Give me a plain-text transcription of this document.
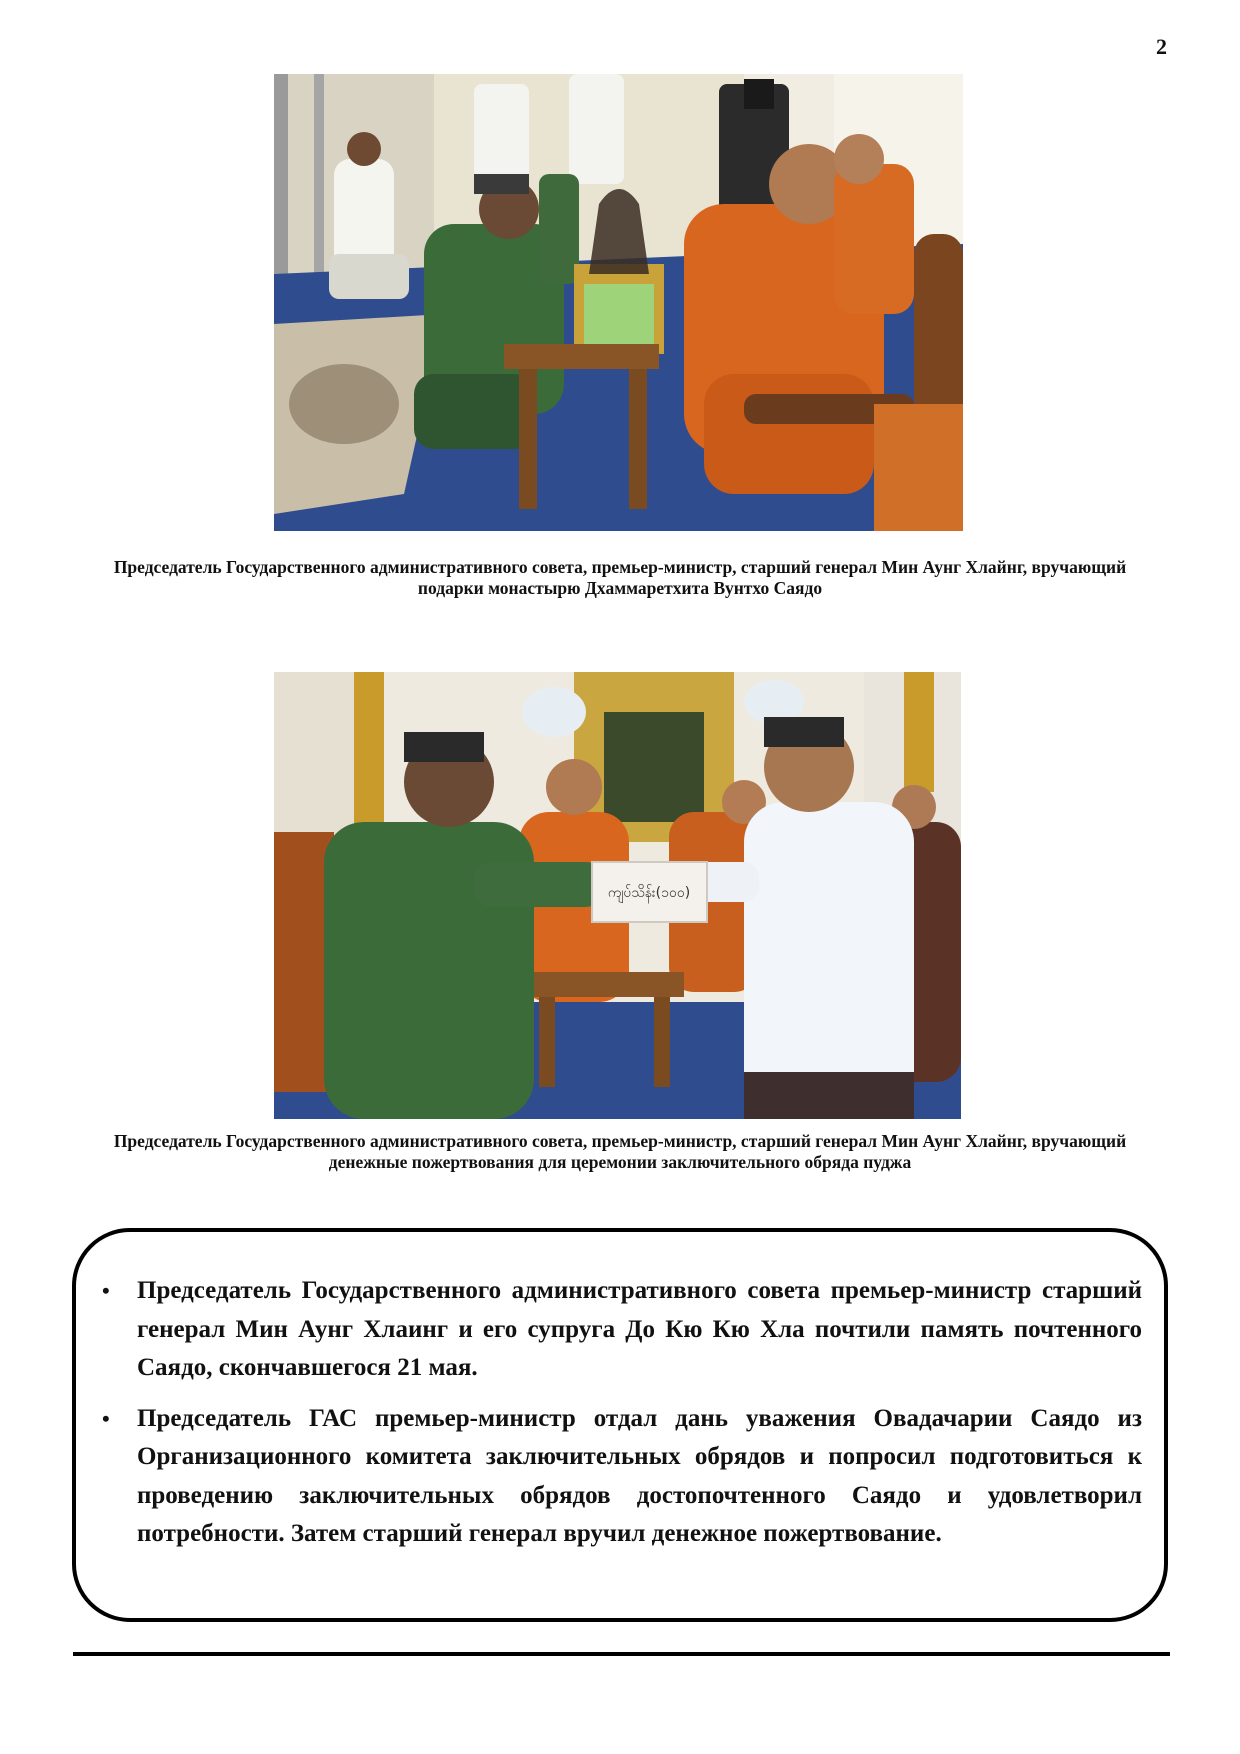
2
Председатель Государственного административного совета, премьер-министр, старший генерал Мин Аунг Хлайнг, вручающий подарки монастырю Дхаммаретхита Вунтхо Саядо
ကျပ်သိန်း(၁၀၀)
Председатель Государственного административного совета, премьер-министр, старший генерал Мин Аунг Хлайнг, вручающий денежные пожертвования для церемонии заключительного обряда пуджа
• Председатель Государственного административного совета премьер-министр старший генерал Мин Аунг Хлаинг и его супруга До Кю Кю Хла почтили память почтенного Саядо, скончавшегося 21 мая.
• Председатель ГАС премьер-министр отдал дань уважения Овадачарии Саядо из Организационного комитета заключительных обрядов и попросил подготовиться к проведению заключительных обрядов достопочтенного Саядо и удовлетворил потребности. Затем старший генерал вручил денежное пожертвование.
